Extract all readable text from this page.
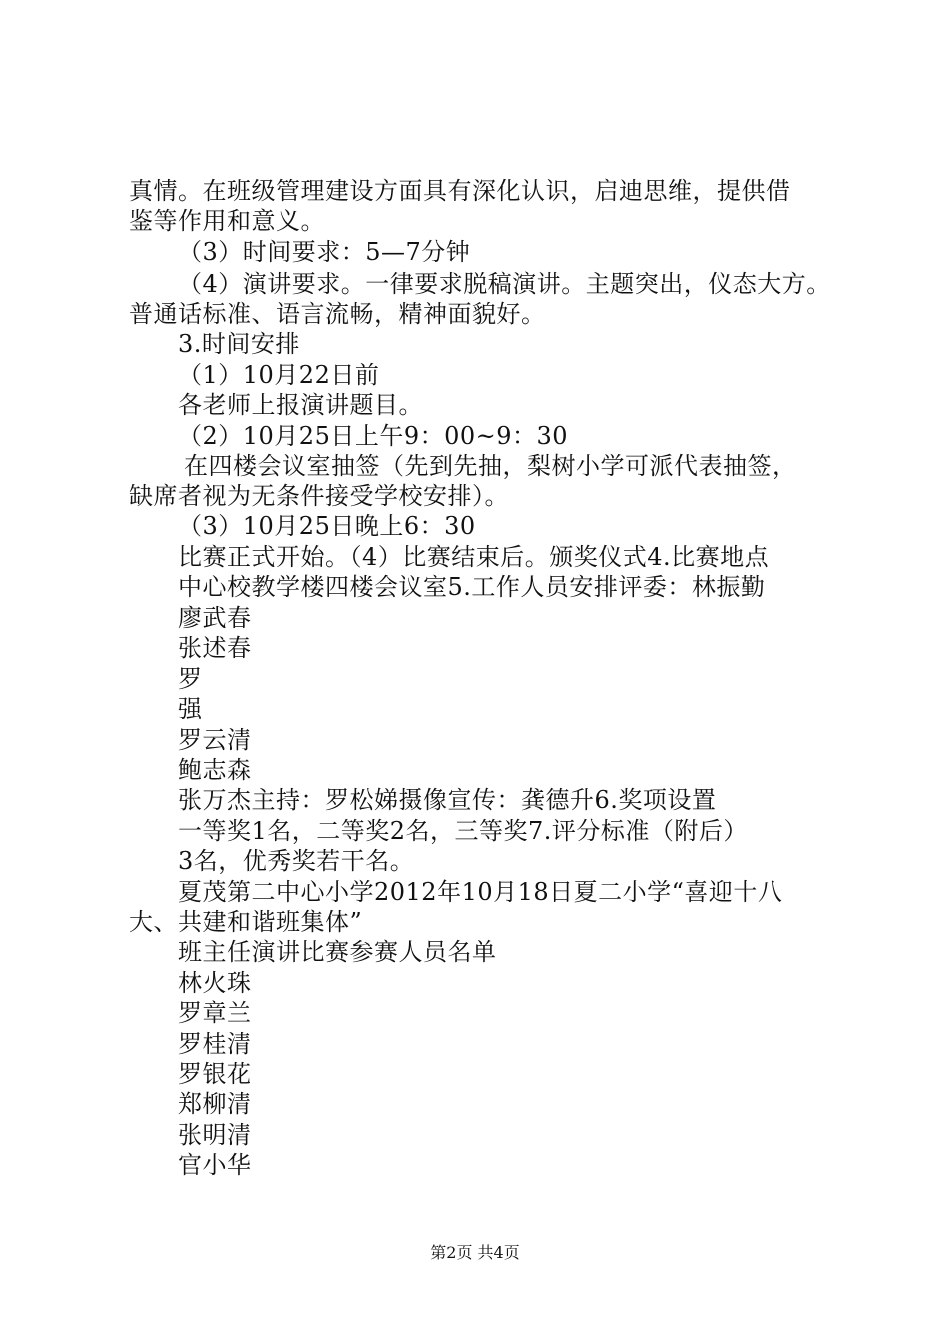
真情。在班级管理建设方面具有深化认识，启迪思维，提供借
鉴等作用和意义。
（3）时间要求：5—7分钟
（4）演讲要求。一律要求脱稿演讲。主题突出，仪态大方。
普通话标准、语言流畅，精神面貌好。
3.时间安排
（1）10月22日前
各老师上报演讲题目。
（2）10月25日上午9：00~9：30
在四楼会议室抽签（先到先抽，梨树小学可派代表抽签，
缺席者视为无条件接受学校安排）。
（3）10月25日晚上6：30
比赛正式开始。（4）比赛结束后。颁奖仪式4.比赛地点
中心校教学楼四楼会议室5.工作人员安排评委：林振勤
廖武春
张述春
罗
强
罗云清
鲍志森
张万杰主持：罗松娣摄像宣传：龚德升6.奖项设置
一等奖1名，二等奖2名，三等奖7.评分标准（附后）
3名，优秀奖若干名。
夏茂第二中心小学2012年10月18日夏二小学“喜迎十八
大、共建和谐班集体”
班主任演讲比赛参赛人员名单
林火珠
罗章兰
罗桂清
罗银花
郑柳清
张明清
官小华
第2页 共4页
